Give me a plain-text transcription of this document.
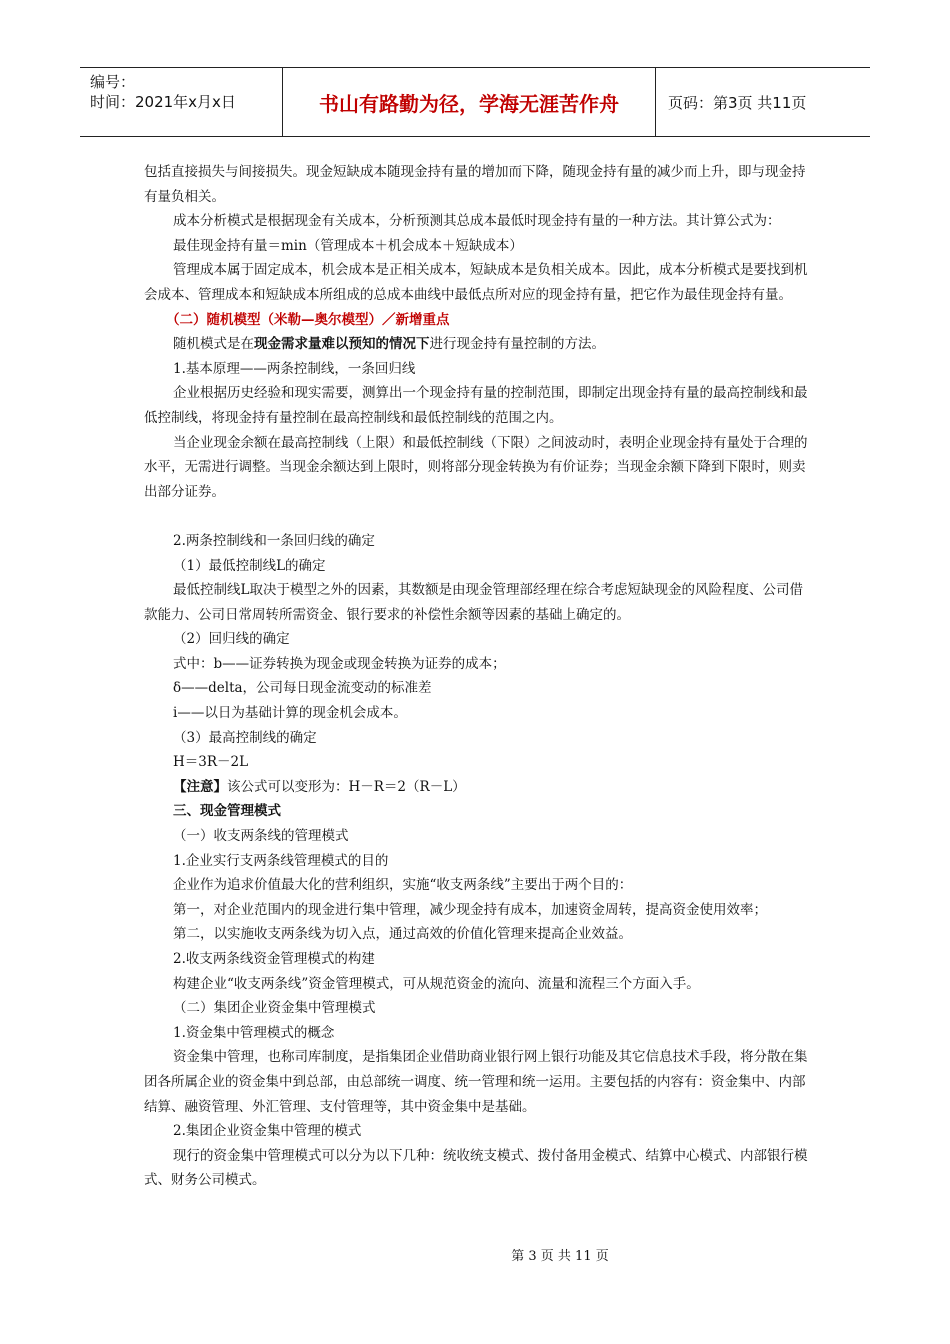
编号：
时间：2021年x月x日	书山有路勤为径，学海无涯苦作舟	页码：第3页 共11页

包括直接损失与间接损失。现金短缺成本随现金持有量的增加而下降，随现金持有量的减少而上升，即与现金持有量负相关。

成本分析模式是根据现金有关成本，分析预测其总成本最低时现金持有量的一种方法。其计算公式为：

最佳现金持有量＝min（管理成本＋机会成本＋短缺成本）

管理成本属于固定成本，机会成本是正相关成本，短缺成本是负相关成本。因此，成本分析模式是要找到机会成本、管理成本和短缺成本所组成的总成本曲线中最低点所对应的现金持有量，把它作为最佳现金持有量。

（二）随机模型（米勒—奥尔模型）／新增重点

随机模式是在现金需求量难以预知的情况下进行现金持有量控制的方法。

1.基本原理——两条控制线，一条回归线

企业根据历史经验和现实需要，测算出一个现金持有量的控制范围，即制定出现金持有量的最高控制线和最低控制线，将现金持有量控制在最高控制线和最低控制线的范围之内。

当企业现金余额在最高控制线（上限）和最低控制线（下限）之间波动时，表明企业现金持有量处于合理的水平，无需进行调整。当现金余额达到上限时，则将部分现金转换为有价证券；当现金余额下降到下限时，则卖出部分证券。

2.两条控制线和一条回归线的确定

（1）最低控制线L的确定

最低控制线L取决于模型之外的因素，其数额是由现金管理部经理在综合考虑短缺现金的风险程度、公司借款能力、公司日常周转所需资金、银行要求的补偿性余额等因素的基础上确定的。

（2）回归线的确定

式中：b——证券转换为现金或现金转换为证券的成本；

δ——delta，公司每日现金流变动的标准差

i——以日为基础计算的现金机会成本。

（3）最高控制线的确定

H＝3R－2L

【注意】该公式可以变形为：H－R＝2（R－L）

三、现金管理模式

（一）收支两条线的管理模式

1.企业实行支两条线管理模式的目的

企业作为追求价值最大化的营利组织，实施“收支两条线”主要出于两个目的：

第一，对企业范围内的现金进行集中管理，减少现金持有成本，加速资金周转，提高资金使用效率；

第二，以实施收支两条线为切入点，通过高效的价值化管理来提高企业效益。

2.收支两条线资金管理模式的构建

构建企业“收支两条线”资金管理模式，可从规范资金的流向、流量和流程三个方面入手。

（二）集团企业资金集中管理模式

1.资金集中管理模式的概念

资金集中管理，也称司库制度，是指集团企业借助商业银行网上银行功能及其它信息技术手段，将分散在集团各所属企业的资金集中到总部，由总部统一调度、统一管理和统一运用。主要包括的内容有：资金集中、内部结算、融资管理、外汇管理、支付管理等，其中资金集中是基础。

2.集团企业资金集中管理的模式

现行的资金集中管理模式可以分为以下几种：统收统支模式、拨付备用金模式、结算中心模式、内部银行模式、财务公司模式。

第 3 页 共 11 页
